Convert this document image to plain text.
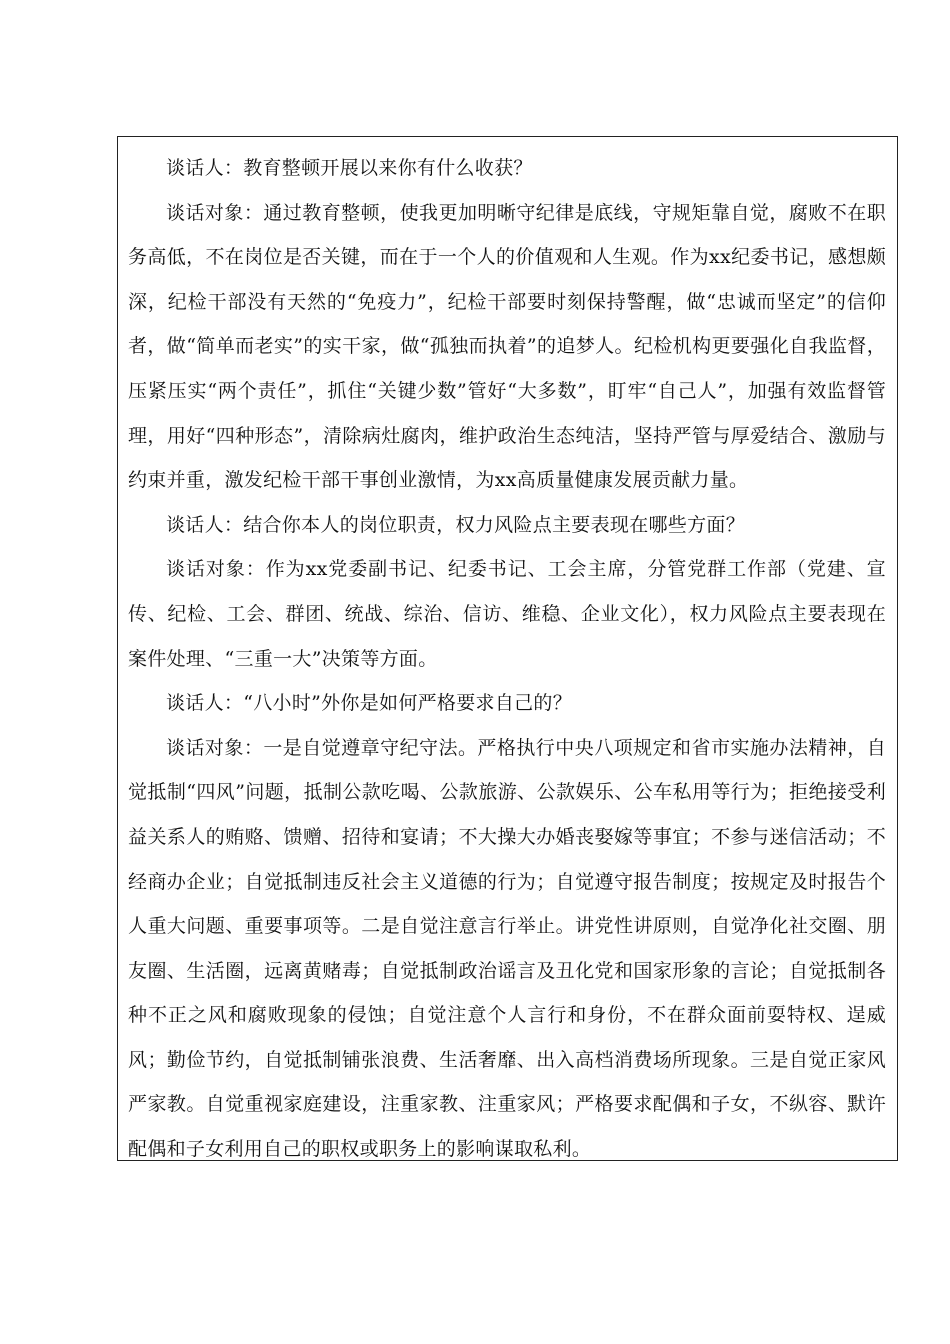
谈话人：教育整顿开展以来你有什么收获？

谈话对象：通过教育整顿，使我更加明晰守纪律是底线，守规矩靠自觉，腐败不在职务高低，不在岗位是否关键，而在于一个人的价值观和人生观。作为xx纪委书记，感想颇深，纪检干部没有天然的“免疫力”，纪检干部要时刻保持警醒，做“忠诚而坚定”的信仰者，做“简单而老实”的实干家，做“孤独而执着”的追梦人。纪检机构更要强化自我监督，压紧压实“两个责任”，抓住“关键少数”管好“大多数”，盯牢“自己人”，加强有效监督管理，用好“四种形态”，清除病灶腐肉，维护政治生态纯洁，坚持严管与厚爱结合、激励与约束并重，激发纪检干部干事创业激情，为xx高质量健康发展贡献力量。

谈话人：结合你本人的岗位职责，权力风险点主要表现在哪些方面？

谈话对象：作为xx党委副书记、纪委书记、工会主席，分管党群工作部（党建、宣传、纪检、工会、群团、统战、综治、信访、维稳、企业文化），权力风险点主要表现在案件处理、“三重一大”决策等方面。

谈话人：“八小时”外你是如何严格要求自己的？

谈话对象：一是自觉遵章守纪守法。严格执行中央八项规定和省市实施办法精神，自觉抵制“四风”问题，抵制公款吃喝、公款旅游、公款娱乐、公车私用等行为；拒绝接受利益关系人的贿赂、馈赠、招待和宴请；不大操大办婚丧娶嫁等事宜；不参与迷信活动；不经商办企业；自觉抵制违反社会主义道德的行为；自觉遵守报告制度；按规定及时报告个人重大问题、重要事项等。二是自觉注意言行举止。讲党性讲原则，自觉净化社交圈、朋友圈、生活圈，远离黄赌毒；自觉抵制政治谣言及丑化党和国家形象的言论；自觉抵制各种不正之风和腐败现象的侵蚀；自觉注意个人言行和身份，不在群众面前耍特权、逞威风；勤俭节约，自觉抵制铺张浪费、生活奢靡、出入高档消费场所现象。三是自觉正家风严家教。自觉重视家庭建设，注重家教、注重家风；严格要求配偶和子女，不纵容、默许配偶和子女利用自己的职权或职务上的影响谋取私利。
